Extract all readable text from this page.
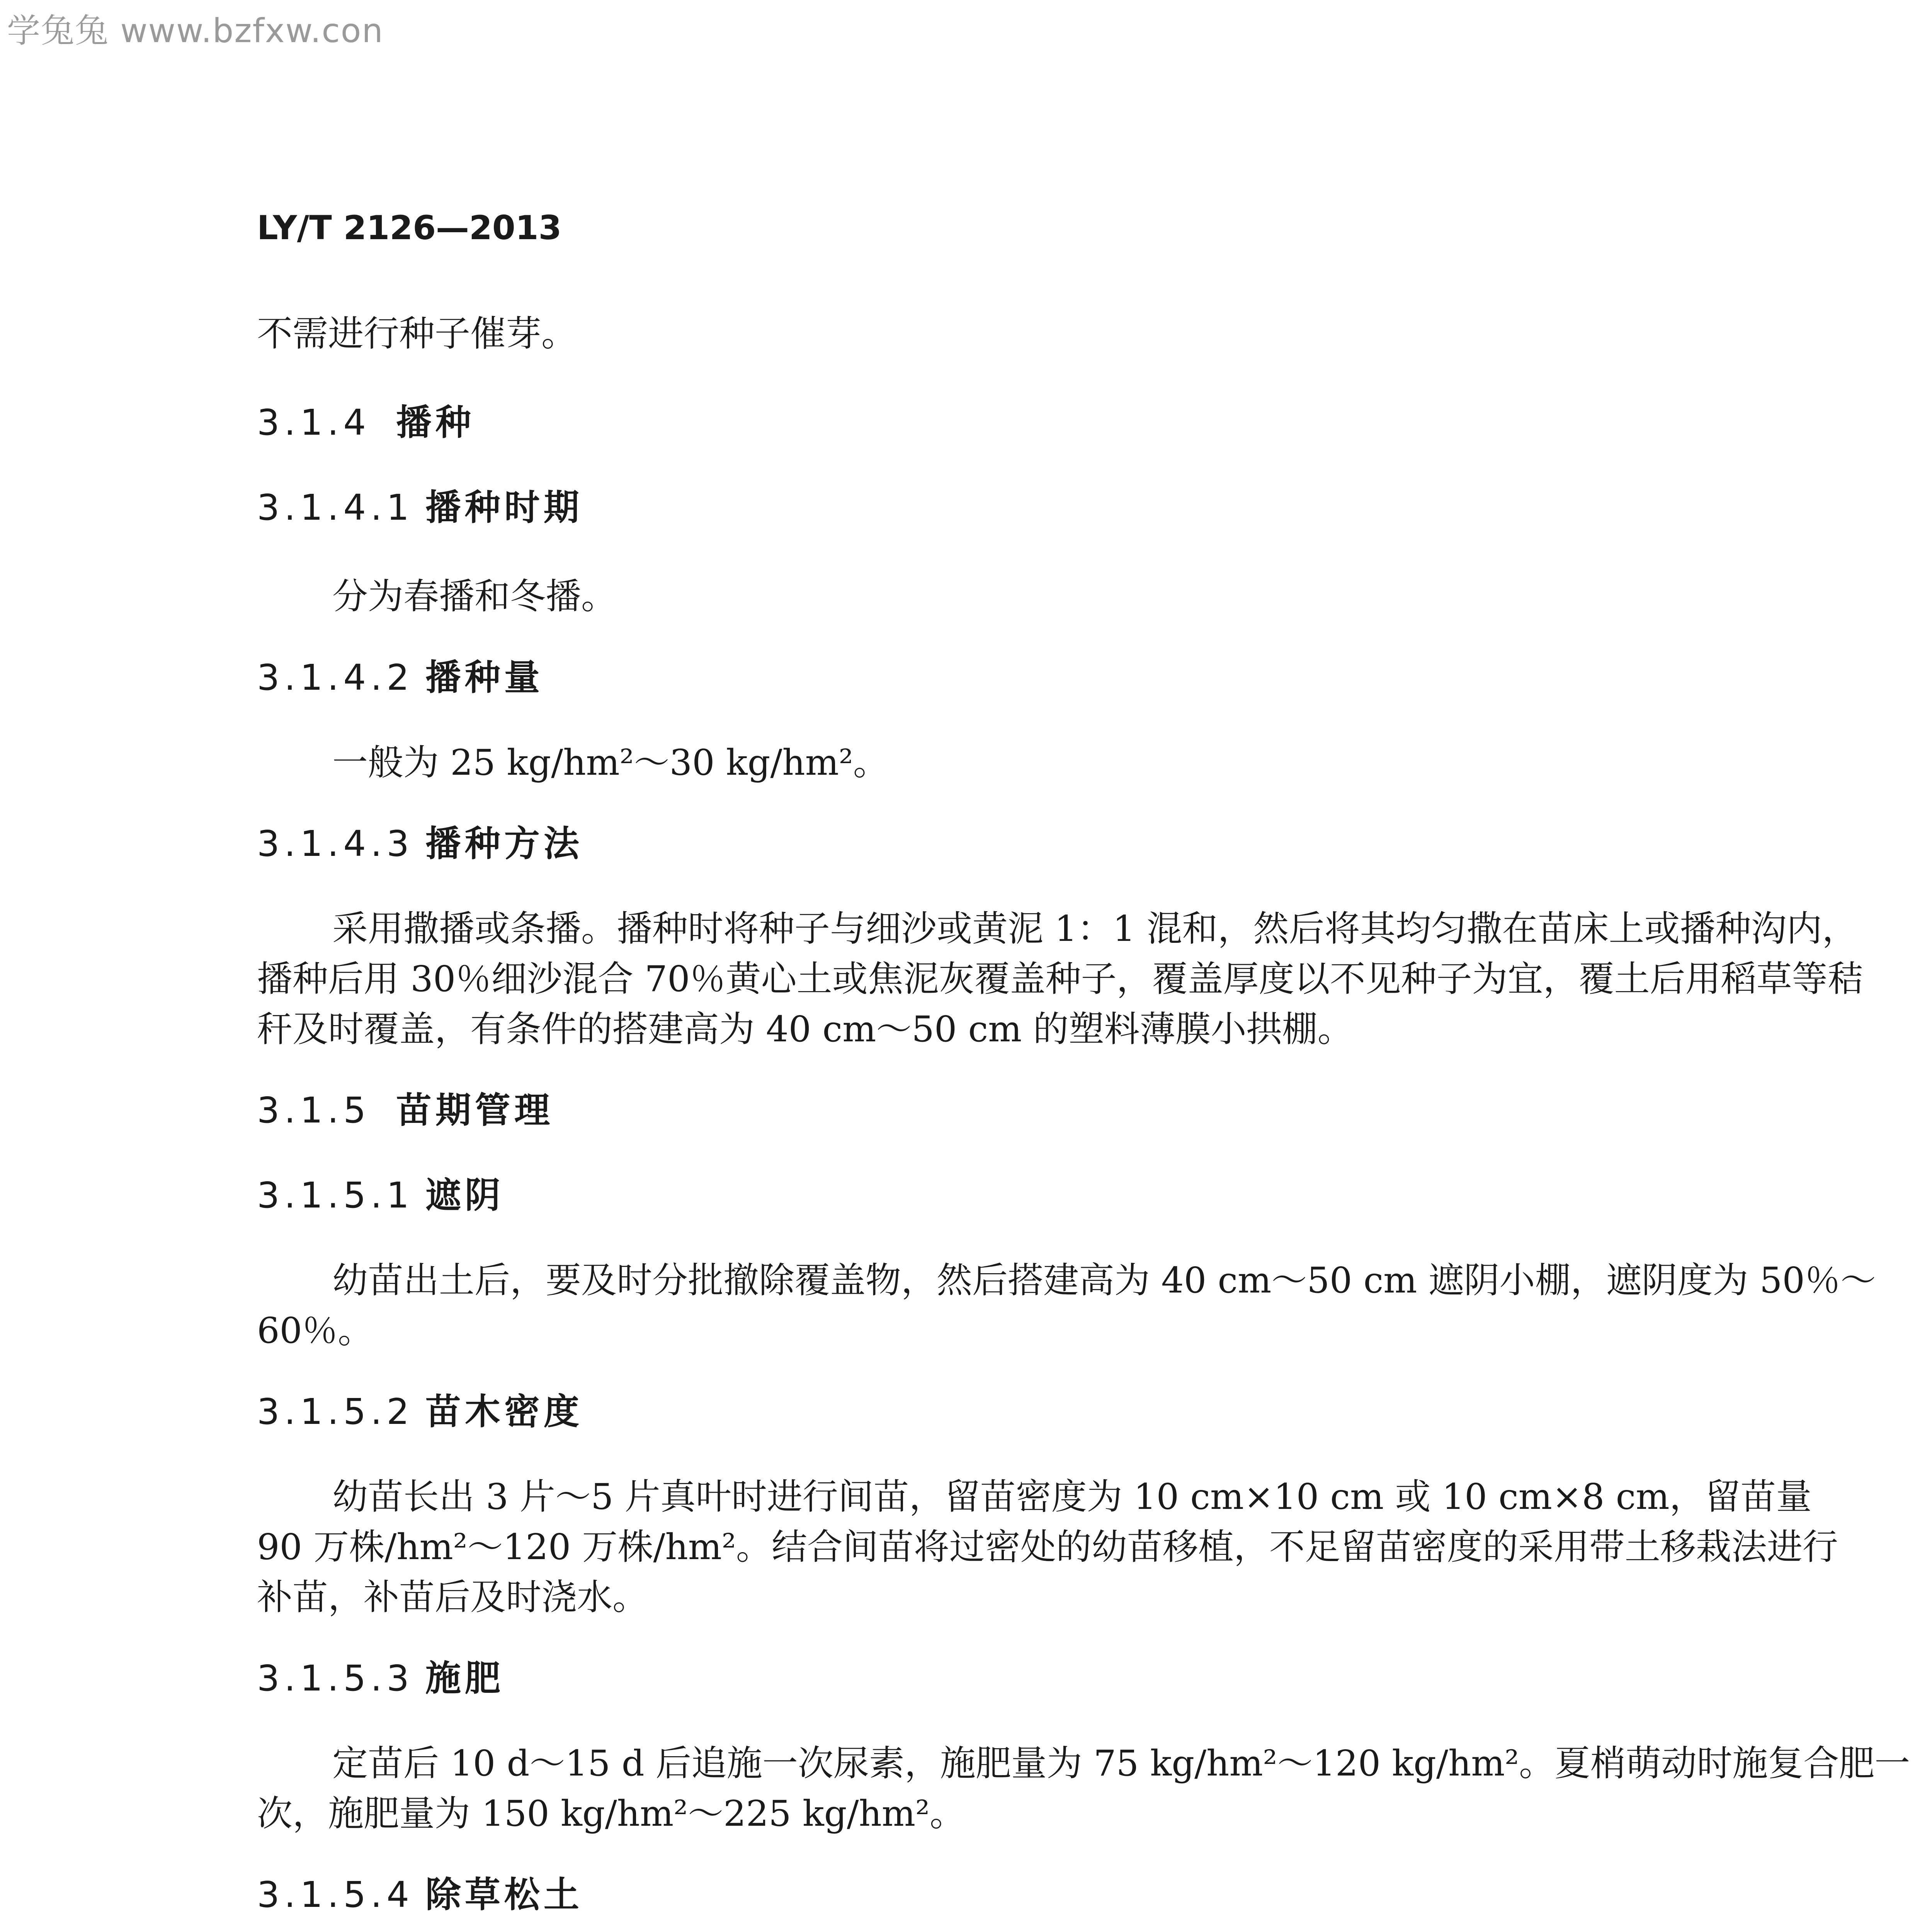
学兔兔 www.bzfxw.con
LY/T 2126—2013
不需进行种子催芽。
3.1.4 播种
3.1.4.1 播种时期
分为春播和冬播。
3.1.4.2 播种量
一般为 25 kg/hm²～30 kg/hm²。
3.1.4.3 播种方法
采用撒播或条播。播种时将种子与细沙或黄泥 1：1 混和，然后将其均匀撒在苗床上或播种沟内，
播种后用 30％细沙混合 70％黄心土或焦泥灰覆盖种子，覆盖厚度以不见种子为宜，覆土后用稻草等秸
秆及时覆盖，有条件的搭建高为 40 cm～50 cm 的塑料薄膜小拱棚。
3.1.5 苗期管理
3.1.5.1 遮阴
幼苗出土后，要及时分批撤除覆盖物，然后搭建高为 40 cm～50 cm 遮阴小棚，遮阴度为 50％～
60％。
3.1.5.2 苗木密度
幼苗长出 3 片～5 片真叶时进行间苗，留苗密度为 10 cm×10 cm 或 10 cm×8 cm，留苗量
90 万株/hm²～120 万株/hm²。结合间苗将过密处的幼苗移植，不足留苗密度的采用带土移栽法进行
补苗，补苗后及时浇水。
3.1.5.3 施肥
定苗后 10 d～15 d 后追施一次尿素，施肥量为 75 kg/hm²～120 kg/hm²。夏梢萌动时施复合肥一
次，施肥量为 150 kg/hm²～225 kg/hm²。
3.1.5.4 除草松土
